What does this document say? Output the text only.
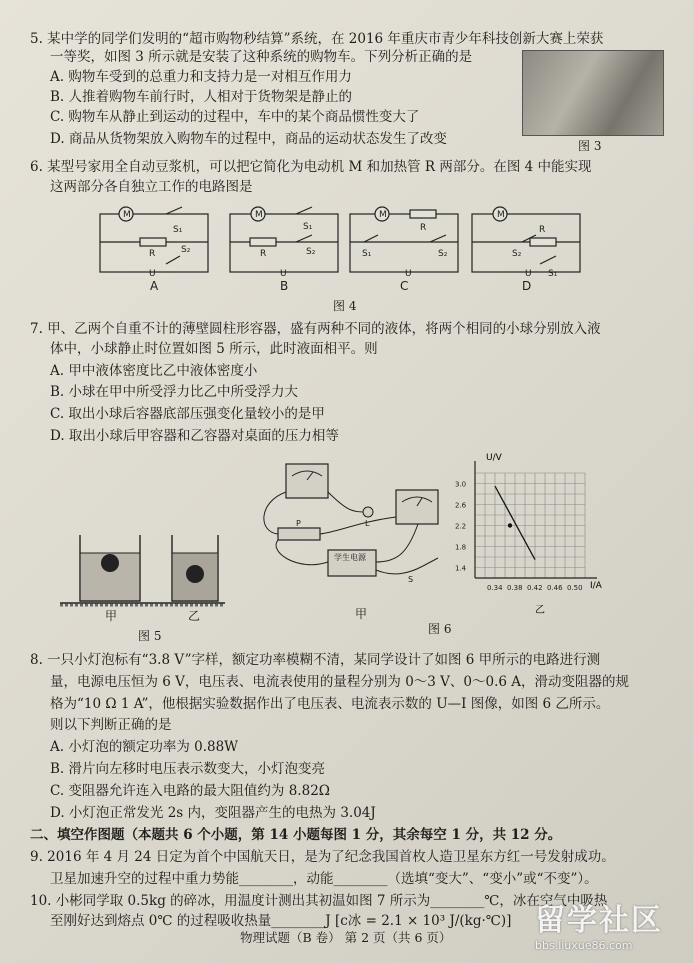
5. 某中学的同学们发明的“超市购物秒结算”系统，在 2016 年重庆市青少年科技创新大赛上荣获
一等奖，如图 3 所示就是安装了这种系统的购物车。下列分析正确的是
A. 购物车受到的总重力和支持力是一对相互作用力
B. 人推着购物车前行时，人相对于货物架是静止的
C. 购物车从静止到运动的过程中，车中的某个商品惯性变大了
D. 商品从货物架放入购物车的过程中，商品的运动状态发生了改变	图 3
6. 某型号家用全自动豆浆机，可以把它简化为电动机 M 和加热管 R 两部分。在图 4 中能实现
这两部分各自独立工作的电路图是
M
S₁
R	S₂
U
M
S₁
R	S₂
U
M
R
S₁	S₂
U
M
R
S₂
S₁
U
A	B	C	D
图 4
7. 甲、乙两个自重不计的薄壁圆柱形容器，盛有两种不同的液体，将两个相同的小球分别放入液
体中，小球静止时位置如图 5 所示，此时液面相平。则
A. 甲中液体密度比乙中液体密度小
B. 小球在甲中所受浮力比乙中所受浮力大
C. 取出小球后容器底部压强变化量较小的是甲
D. 取出小球后甲容器和乙容器对桌面的压力相等
甲	乙
图 5
P	L
S
学生电源
甲
图 6
U/V
I/A
乙
3.0
2.6
2.2
1.8
1.4
0.34 0.38 0.42 0.46 0.50
8. 一只小灯泡标有“3.8 V”字样，额定功率模糊不清，某同学设计了如图 6 甲所示的电路进行测
量，电源电压恒为 6 V，电压表、电流表使用的量程分别为 0～3 V、0～0.6 A，滑动变阻器的规
格为“10 Ω 1 A”，他根据实验数据作出了电压表、电流表示数的 U—I 图像，如图 6 乙所示。
则以下判断正确的是
A. 小灯泡的额定功率为 0.88W
B. 滑片向左移时电压表示数变大，小灯泡变亮
C. 变阻器允许连入电路的最大阻值约为 8.82Ω
D. 小灯泡正常发光 2s 内，变阻器产生的电热为 3.04J
二、填空作图题（本题共 6 个小题，第 14 小题每图 1 分，其余每空 1 分，共 12 分。
9. 2016 年 4 月 24 日定为首个中国航天日，是为了纪念我国首枚人造卫星东方红一号发射成功。
卫星加速升空的过程中重力势能________，动能________（选填“变大”、“变小”或“不变”）。
10. 小彬同学取 0.5kg 的碎冰，用温度计测出其初温如图 7 所示为________℃，冰在空气中吸热
至刚好达到熔点 0℃ 的过程吸收热量________J [c冰 = 2.1 × 10³ J/(kg·℃)]
物理试题（B 卷） 第 2 页（共 6 页）	留学社区
bbs.liuxue86.com
